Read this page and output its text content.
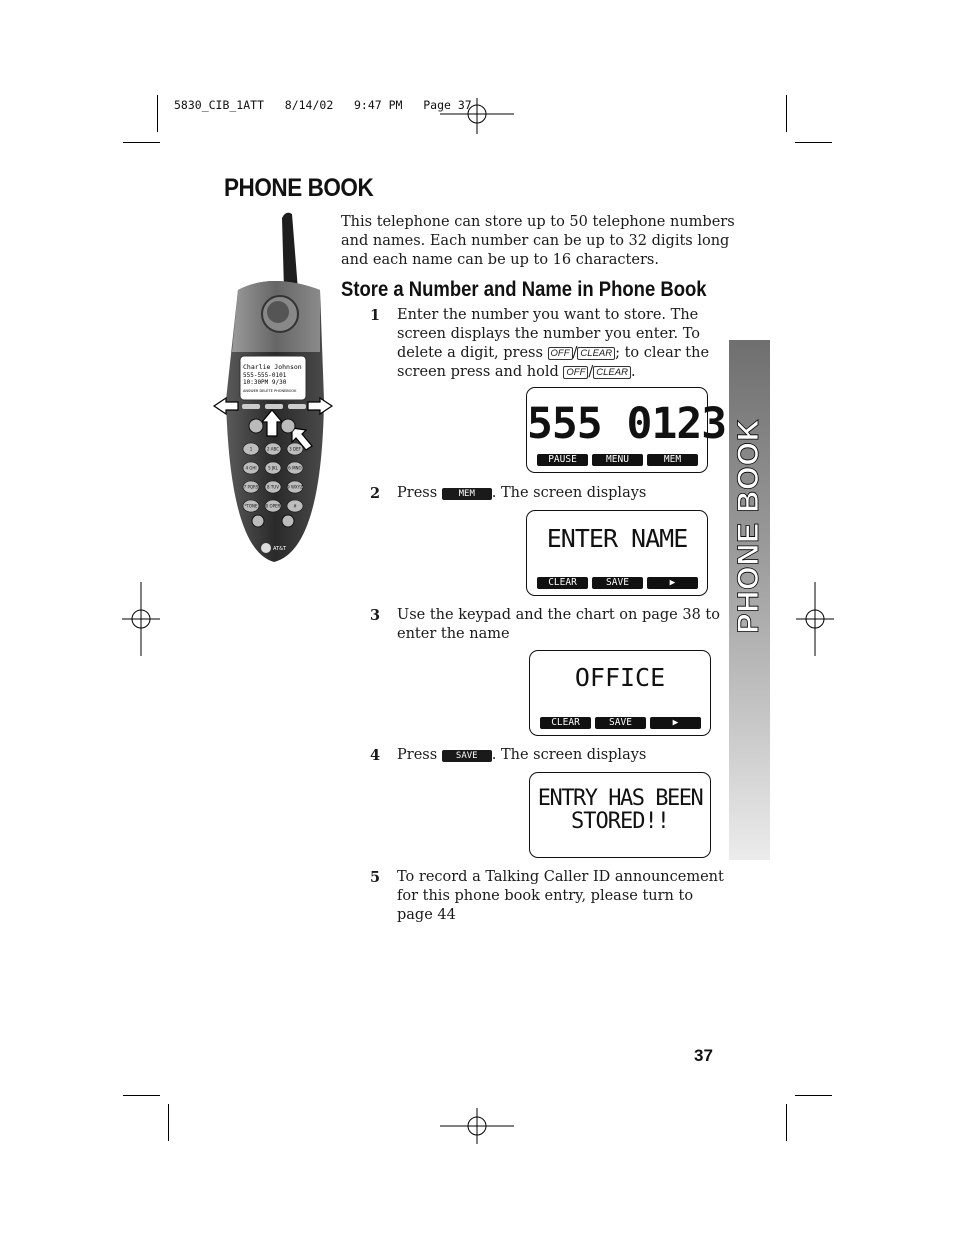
5830_CIB_1ATT   8/14/02   9:47 PM   Page 37
PHONE BOOK
This telephone can store up to 50 telephone numbers
and names. Each number can be up to 32 digits long
and each name can be up to 16 characters.
Store a Number and Name in Phone Book
1 Enter the number you want to store. The
screen displays the number you enter. To
delete a digit, press OFF / CLEAR ; to clear the
screen press and hold OFF / CLEAR .
555 0123
PAUSE	MENU	MEM
2 Press MEM . The screen displays
ENTER NAME
CLEAR	SAVE	▶
3 Use the keypad and the chart on page 38 to
enter the name
OFFICE
CLEAR	SAVE	▶
4 Press SAVE . The screen displays
ENTRY HAS BEEN
STORED!!
5 To record a Talking Caller ID announcement
for this phone book entry, please turn to
page 44
PHONE BOOK
37
Charlie Johnson
555-555-0101
10:30PM 9/30
ANSWER DELETE PHONEBOOK
1	2 ABC	3 DEF
4 GHI	5 JKL	6 MNO
7 PQRS 8 TUV 9 WXYZ
*TONE 0 OPER	#
AT&T
